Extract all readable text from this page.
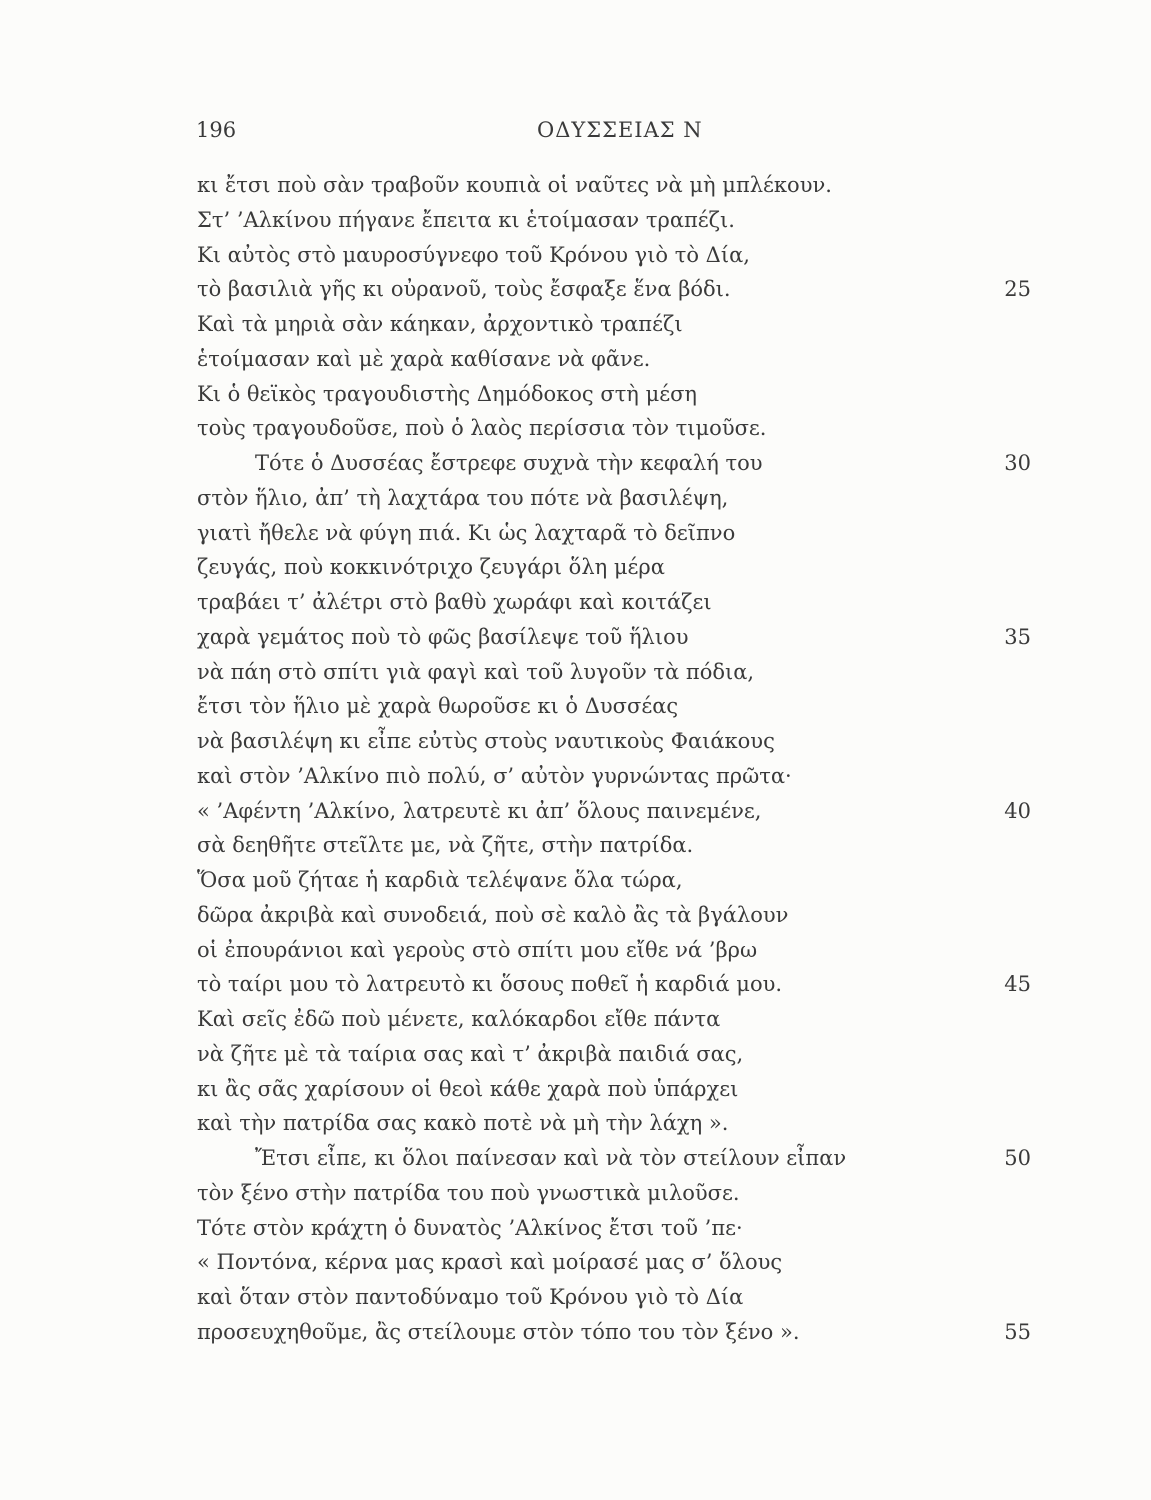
196	ΟΔΥΣΣΕΙΑΣ Ν
κι ἔτσι ποὺ σὰν τραβοῦν κουπιὰ οἱ ναῦτες νὰ μὴ μπλέκουν.
Στ’ ’Αλκίνου πήγανε ἔπειτα κι ἑτοίμασαν τραπέζι.
Κι αὐτὸς στὸ μαυροσύγνεφο τοῦ Κρόνου γιὸ τὸ Δία,
τὸ βασιλιὰ γῆς κι οὐρανοῦ, τοὺς ἔσφαξε ἕνα βόδι.	25
Καὶ τὰ μηριὰ σὰν κάηκαν, ἀρχοντικὸ τραπέζι
ἑτοίμασαν καὶ μὲ χαρὰ καθίσανε νὰ φᾶνε.
Κι ὁ θεϊκὸς τραγουδιστὴς Δημόδοκος στὴ μέση
τοὺς τραγουδοῦσε, ποὺ ὁ λαὸς περίσσια τὸν τιμοῦσε.
Τότε ὁ Δυσσέας ἔστρεφε συχνὰ τὴν κεφαλή του	30
στὸν ἥλιο, ἀπ’ τὴ λαχτάρα του πότε νὰ βασιλέψη,
γιατὶ ἤθελε νὰ φύγη πιά. Κι ὡς λαχταρᾶ τὸ δεῖπνο
ζευγάς, ποὺ κοκκινότριχο ζευγάρι ὅλη μέρα
τραβάει τ’ ἀλέτρι στὸ βαθὺ χωράφι καὶ κοιτάζει
χαρὰ γεμάτος ποὺ τὸ φῶς βασίλεψε τοῦ ἥλιου	35
νὰ πάη στὸ σπίτι γιὰ φαγὶ καὶ τοῦ λυγοῦν τὰ πόδια,
ἔτσι τὸν ἥλιο μὲ χαρὰ θωροῦσε κι ὁ Δυσσέας
νὰ βασιλέψη κι εἶπε εὐτὺς στοὺς ναυτικοὺς Φαιάκους
καὶ στὸν ’Αλκίνο πιὸ πολύ, σ’ αὐτὸν γυρνώντας πρῶτα·
« ’Αφέντη ’Αλκίνο, λατρευτὲ κι ἀπ’ ὅλους παινεμένε,	40
σὰ δεηθῆτε στεῖλτε με, νὰ ζῆτε, στὴν πατρίδα.
Ὅσα μοῦ ζήταε ἡ καρδιὰ τελέψανε ὅλα τώρα,
δῶρα ἀκριβὰ καὶ συνοδειά, ποὺ σὲ καλὸ ἂς τὰ βγάλουν
οἱ ἐπουράνιοι καὶ γεροὺς στὸ σπίτι μου εἴθε νά ’βρω
τὸ ταίρι μου τὸ λατρευτὸ κι ὅσους ποθεῖ ἡ καρδιά μου.	45
Καὶ σεῖς ἐδῶ ποὺ μένετε, καλόκαρδοι εἴθε πάντα
νὰ ζῆτε μὲ τὰ ταίρια σας καὶ τ’ ἀκριβὰ παιδιά σας,
κι ἂς σᾶς χαρίσουν οἱ θεοὶ κάθε χαρὰ ποὺ ὑπάρχει
καὶ τὴν πατρίδα σας κακὸ ποτὲ νὰ μὴ τὴν λάχη ».
Ἔτσι εἶπε, κι ὅλοι παίνεσαν καὶ νὰ τὸν στείλουν εἶπαν	50
τὸν ξένο στὴν πατρίδα του ποὺ γνωστικὰ μιλοῦσε.
Τότε στὸν κράχτη ὁ δυνατὸς ’Αλκίνος ἔτσι τοῦ ’πε·
« Ποντόνα, κέρνα μας κρασὶ καὶ μοίρασέ μας σ’ ὅλους
καὶ ὅταν στὸν παντοδύναμο τοῦ Κρόνου γιὸ τὸ Δία
προσευχηθοῦμε, ἂς στείλουμε στὸν τόπο του τὸν ξένο ».	55
